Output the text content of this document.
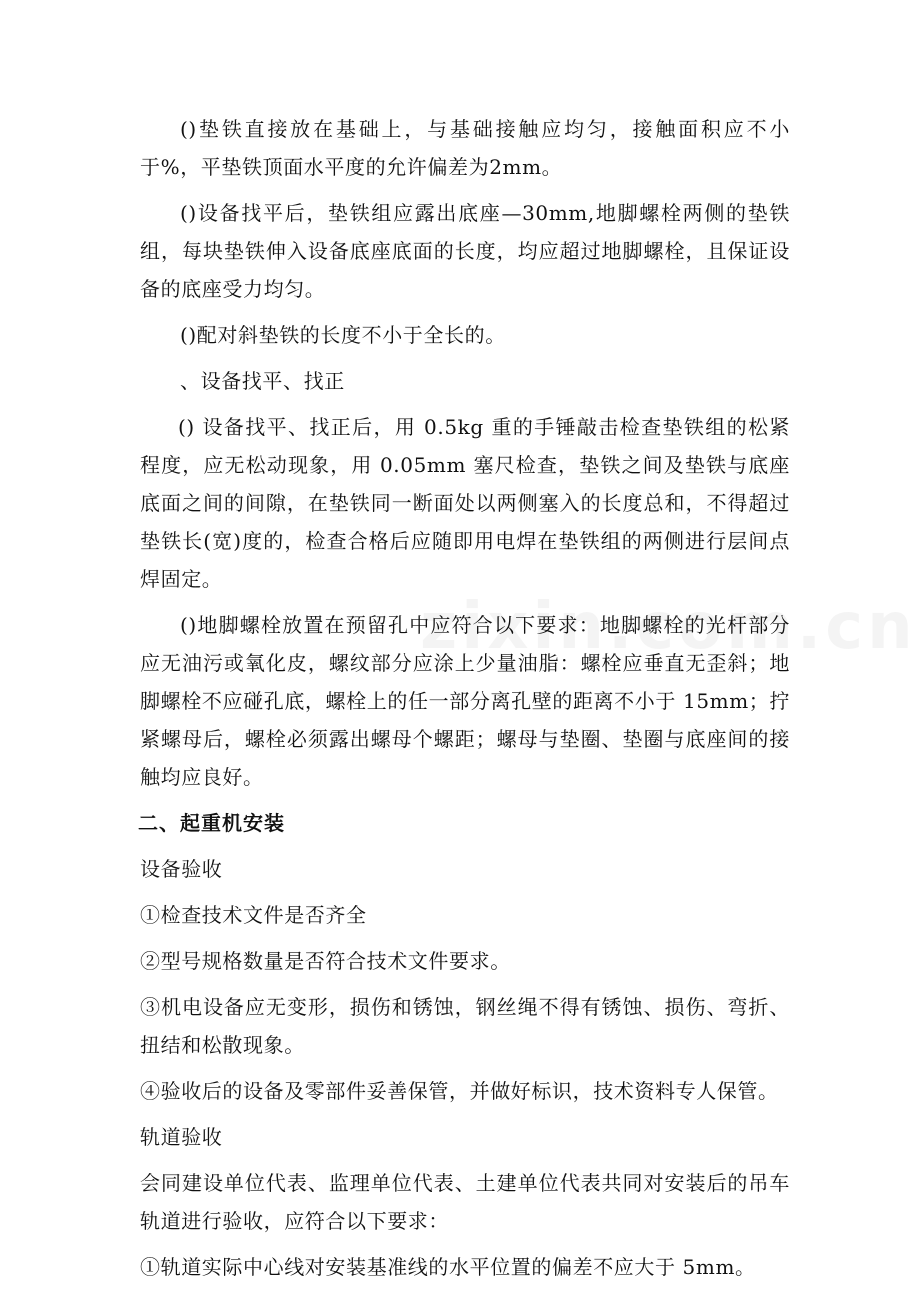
()垫铁直接放在基础上，与基础接触应均匀，接触面积应不小于%，平垫铁顶面水平度的允许偏差为2mm。

()设备找平后，垫铁组应露出底座—30mm,地脚螺栓两侧的垫铁组，每块垫铁伸入设备底座底面的长度，均应超过地脚螺栓，且保证设备的底座受力均匀。

()配对斜垫铁的长度不小于全长的。

、设备找平、找正

() 设备找平、找正后，用 0.5kg 重的手锤敲击检查垫铁组的松紧程度，应无松动现象，用 0.05mm 塞尺检查，垫铁之间及垫铁与底座底面之间的间隙，在垫铁同一断面处以两侧塞入的长度总和，不得超过垫铁长(宽)度的，检查合格后应随即用电焊在垫铁组的两侧进行层间点焊固定。

()地脚螺栓放置在预留孔中应符合以下要求：地脚螺栓的光杆部分应无油污或氧化皮，螺纹部分应涂上少量油脂：螺栓应垂直无歪斜；地脚螺栓不应碰孔底，螺栓上的任一部分离孔壁的距离不小于 15mm；拧紧螺母后，螺栓必须露出螺母个螺距；螺母与垫圈、垫圈与底座间的接触均应良好。

二、起重机安装

设备验收

①检查技术文件是否齐全

②型号规格数量是否符合技术文件要求。

③机电设备应无变形，损伤和锈蚀，钢丝绳不得有锈蚀、损伤、弯折、扭结和松散现象。

④验收后的设备及零部件妥善保管，并做好标识，技术资料专人保管。

轨道验收

会同建设单位代表、监理单位代表、土建单位代表共同对安装后的吊车轨道进行验收，应符合以下要求：

①轨道实际中心线对安装基准线的水平位置的偏差不应大于 5mm。
